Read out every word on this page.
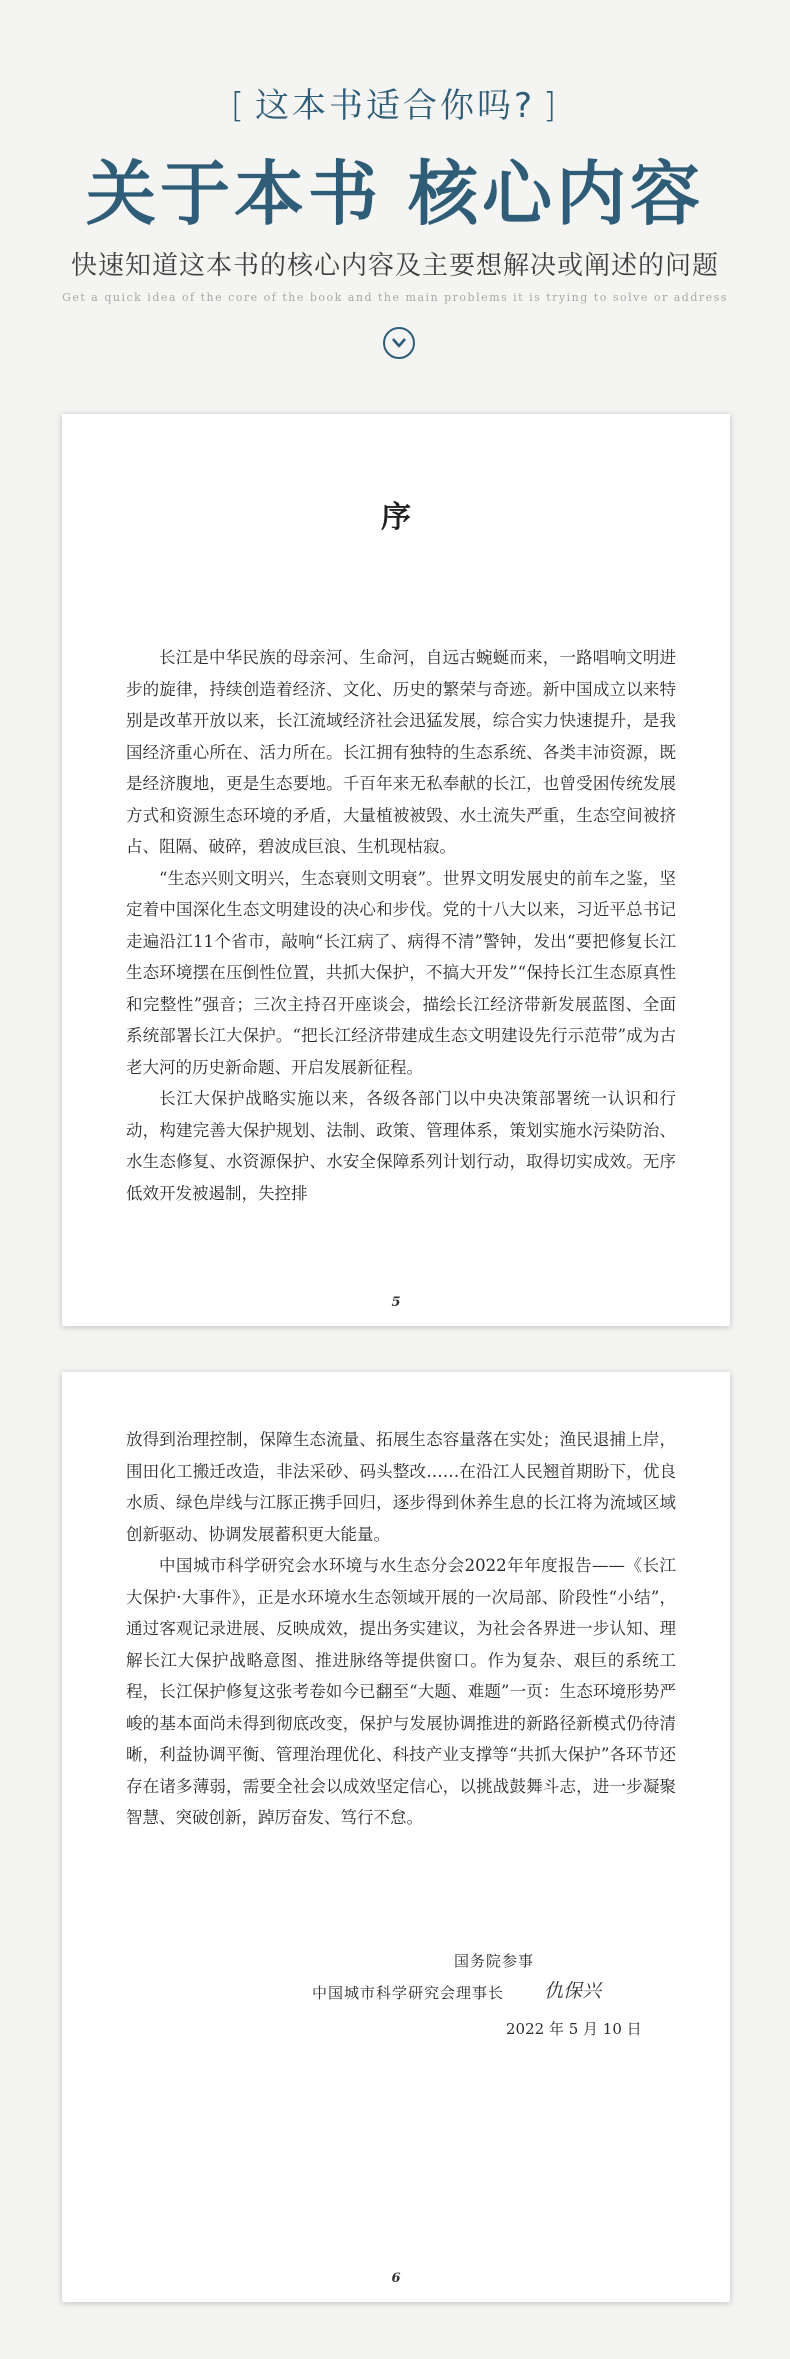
[ 这本书适合你吗? ]
关于本书 核心内容
快速知道这本书的核心内容及主要想解决或阐述的问题
Get a quick idea of the core of the book and the main problems it is trying to solve or address
序

长江是中华民族的母亲河、生命河，自远古蜿蜒而来，一路唱响文明进步的旋律，持续创造着经济、文化、历史的繁荣与奇迹。新中国成立以来特别是改革开放以来，长江流域经济社会迅猛发展，综合实力快速提升，是我国经济重心所在、活力所在。长江拥有独特的生态系统、各类丰沛资源，既是经济腹地，更是生态要地。千百年来无私奉献的长江，也曾受困传统发展方式和资源生态环境的矛盾，大量植被被毁、水土流失严重，生态空间被挤占、阻隔、破碎，碧波成巨浪、生机现枯寂。

“生态兴则文明兴，生态衰则文明衰”。世界文明发展史的前车之鉴，坚定着中国深化生态文明建设的决心和步伐。党的十八大以来，习近平总书记走遍沿江11个省市，敲响“长江病了、病得不清”警钟，发出“要把修复长江生态环境摆在压倒性位置，共抓大保护，不搞大开发”“保持长江生态原真性和完整性”强音；三次主持召开座谈会，描绘长江经济带新发展蓝图、全面系统部署长江大保护。“把长江经济带建成生态文明建设先行示范带”成为古老大河的历史新命题、开启发展新征程。

长江大保护战略实施以来，各级各部门以中央决策部署统一认识和行动，构建完善大保护规划、法制、政策、管理体系，策划实施水污染防治、水生态修复、水资源保护、水安全保障系列计划行动，取得切实成效。无序低效开发被遏制，失控排

5

放得到治理控制，保障生态流量、拓展生态容量落在实处；渔民退捕上岸，围田化工搬迁改造，非法采砂、码头整改……在沿江人民翘首期盼下，优良水质、绿色岸线与江豚正携手回归，逐步得到休养生息的长江将为流域区域创新驱动、协调发展蓄积更大能量。

中国城市科学研究会水环境与水生态分会2022年年度报告——《长江大保护·大事件》，正是水环境水生态领域开展的一次局部、阶段性“小结”，通过客观记录进展、反映成效，提出务实建议，为社会各界进一步认知、理解长江大保护战略意图、推进脉络等提供窗口。作为复杂、艰巨的系统工程，长江保护修复这张考卷如今已翻至“大题、难题”一页：生态环境形势严峻的基本面尚未得到彻底改变，保护与发展协调推进的新路径新模式仍待清晰，利益协调平衡、管理治理优化、科技产业支撑等“共抓大保护”各环节还存在诸多薄弱，需要全社会以成效坚定信心，以挑战鼓舞斗志，进一步凝聚智慧、突破创新，踔厉奋发、笃行不怠。

国务院参事
中国城市科学研究会理事长 仇保兴
2022 年 5 月 10 日
6
